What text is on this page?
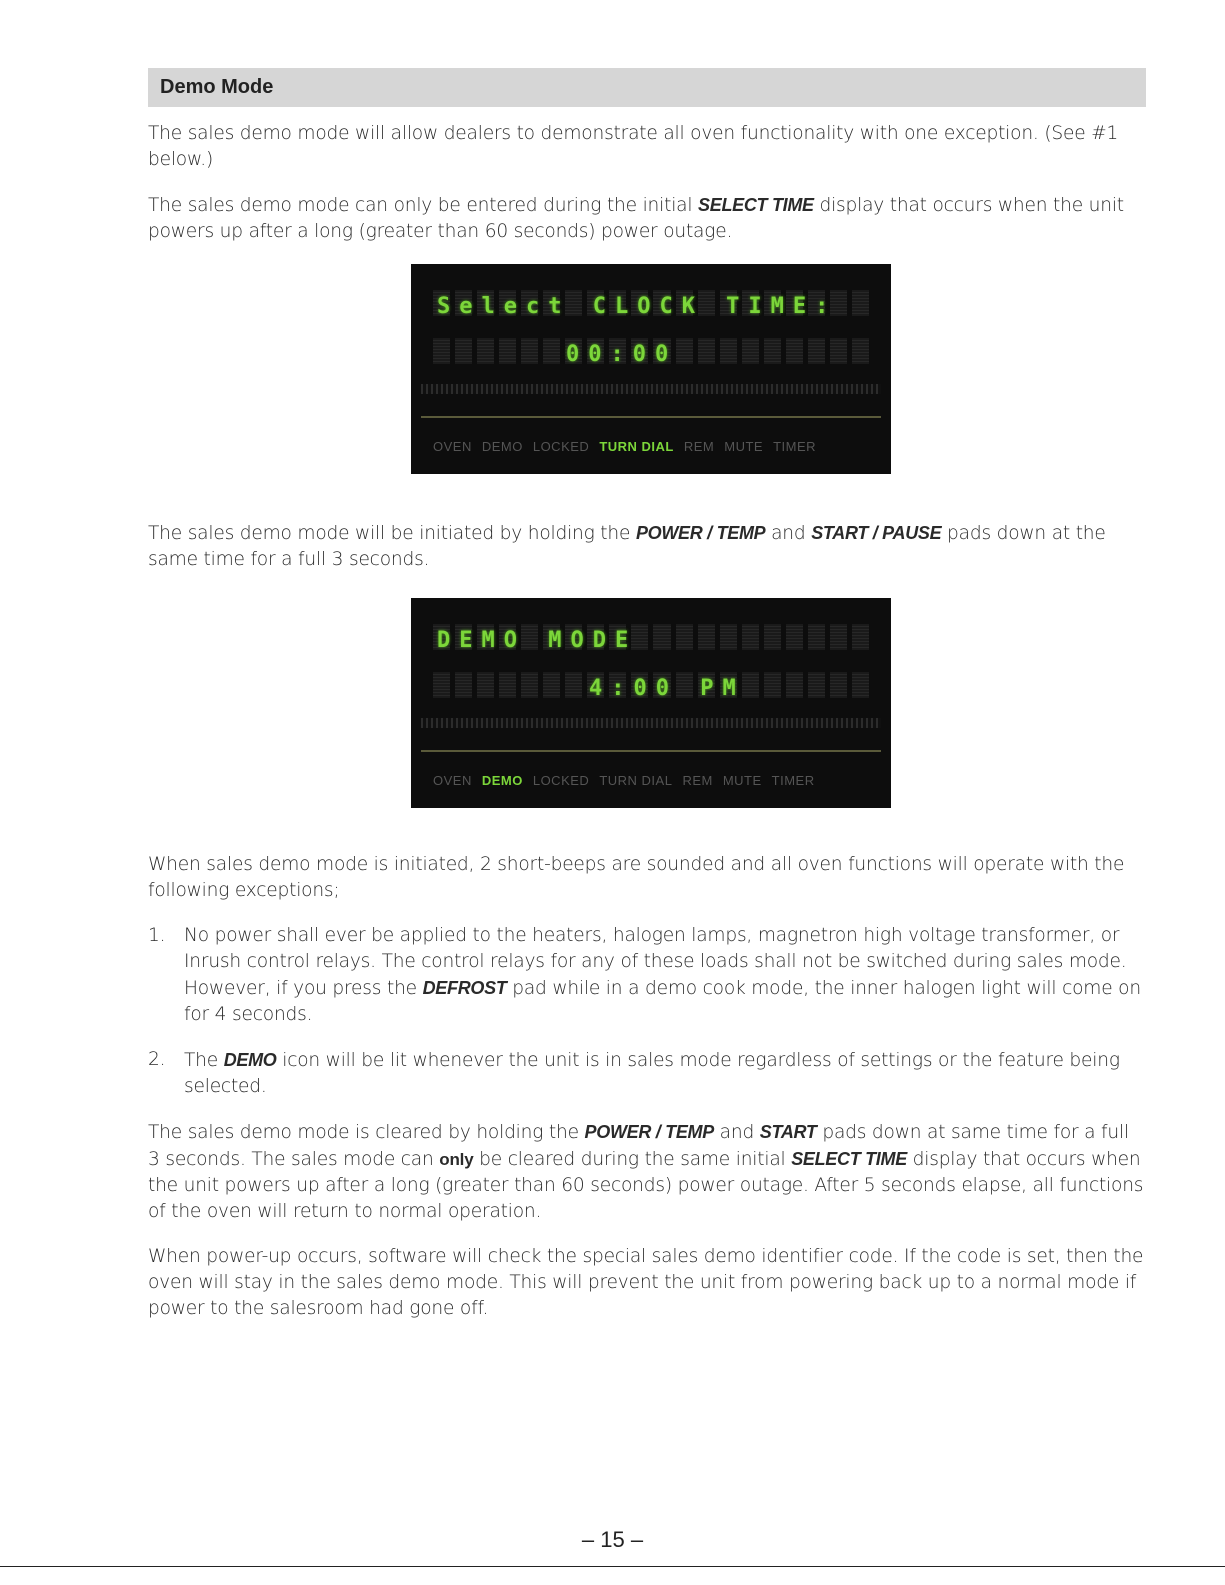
Demo Mode

The sales demo mode will allow dealers to demonstrate all oven functionality with one exception. (See #1 below.)

The sales demo mode can only be entered during the initial SELECT TIME display that occurs when the unit powers up after a long (greater than 60 seconds) power outage.

Select CLOCK TIME:
00:00
OVEN DEMO LOCKED TURN DIAL REM MUTE TIMER

The sales demo mode will be initiated by holding the POWER / TEMP and START / PAUSE pads down at the same time for a full 3 seconds.

DEMO MODE
4:00 PM
OVEN DEMO LOCKED TURN DIAL REM MUTE TIMER

When sales demo mode is initiated, 2 short-beeps are sounded and all oven functions will operate with the following exceptions;

1. No power shall ever be applied to the heaters, halogen lamps, magnetron high voltage transformer, or Inrush control relays. The control relays for any of these loads shall not be switched during sales mode. However, if you press the DEFROST pad while in a demo cook mode, the inner halogen light will come on for 4 seconds.
2. The DEMO icon will be lit whenever the unit is in sales mode regardless of settings or the feature being selected.

The sales demo mode is cleared by holding the POWER / TEMP and START pads down at same time for a full 3 seconds. The sales mode can only be cleared during the same initial SELECT TIME display that occurs when the unit powers up after a long (greater than 60 seconds) power outage. After 5 seconds elapse, all functions of the oven will return to normal operation.

When power-up occurs, software will check the special sales demo identifier code. If the code is set, then the oven will stay in the sales demo mode. This will prevent the unit from powering back up to a normal mode if power to the salesroom had gone off.

– 15 –
